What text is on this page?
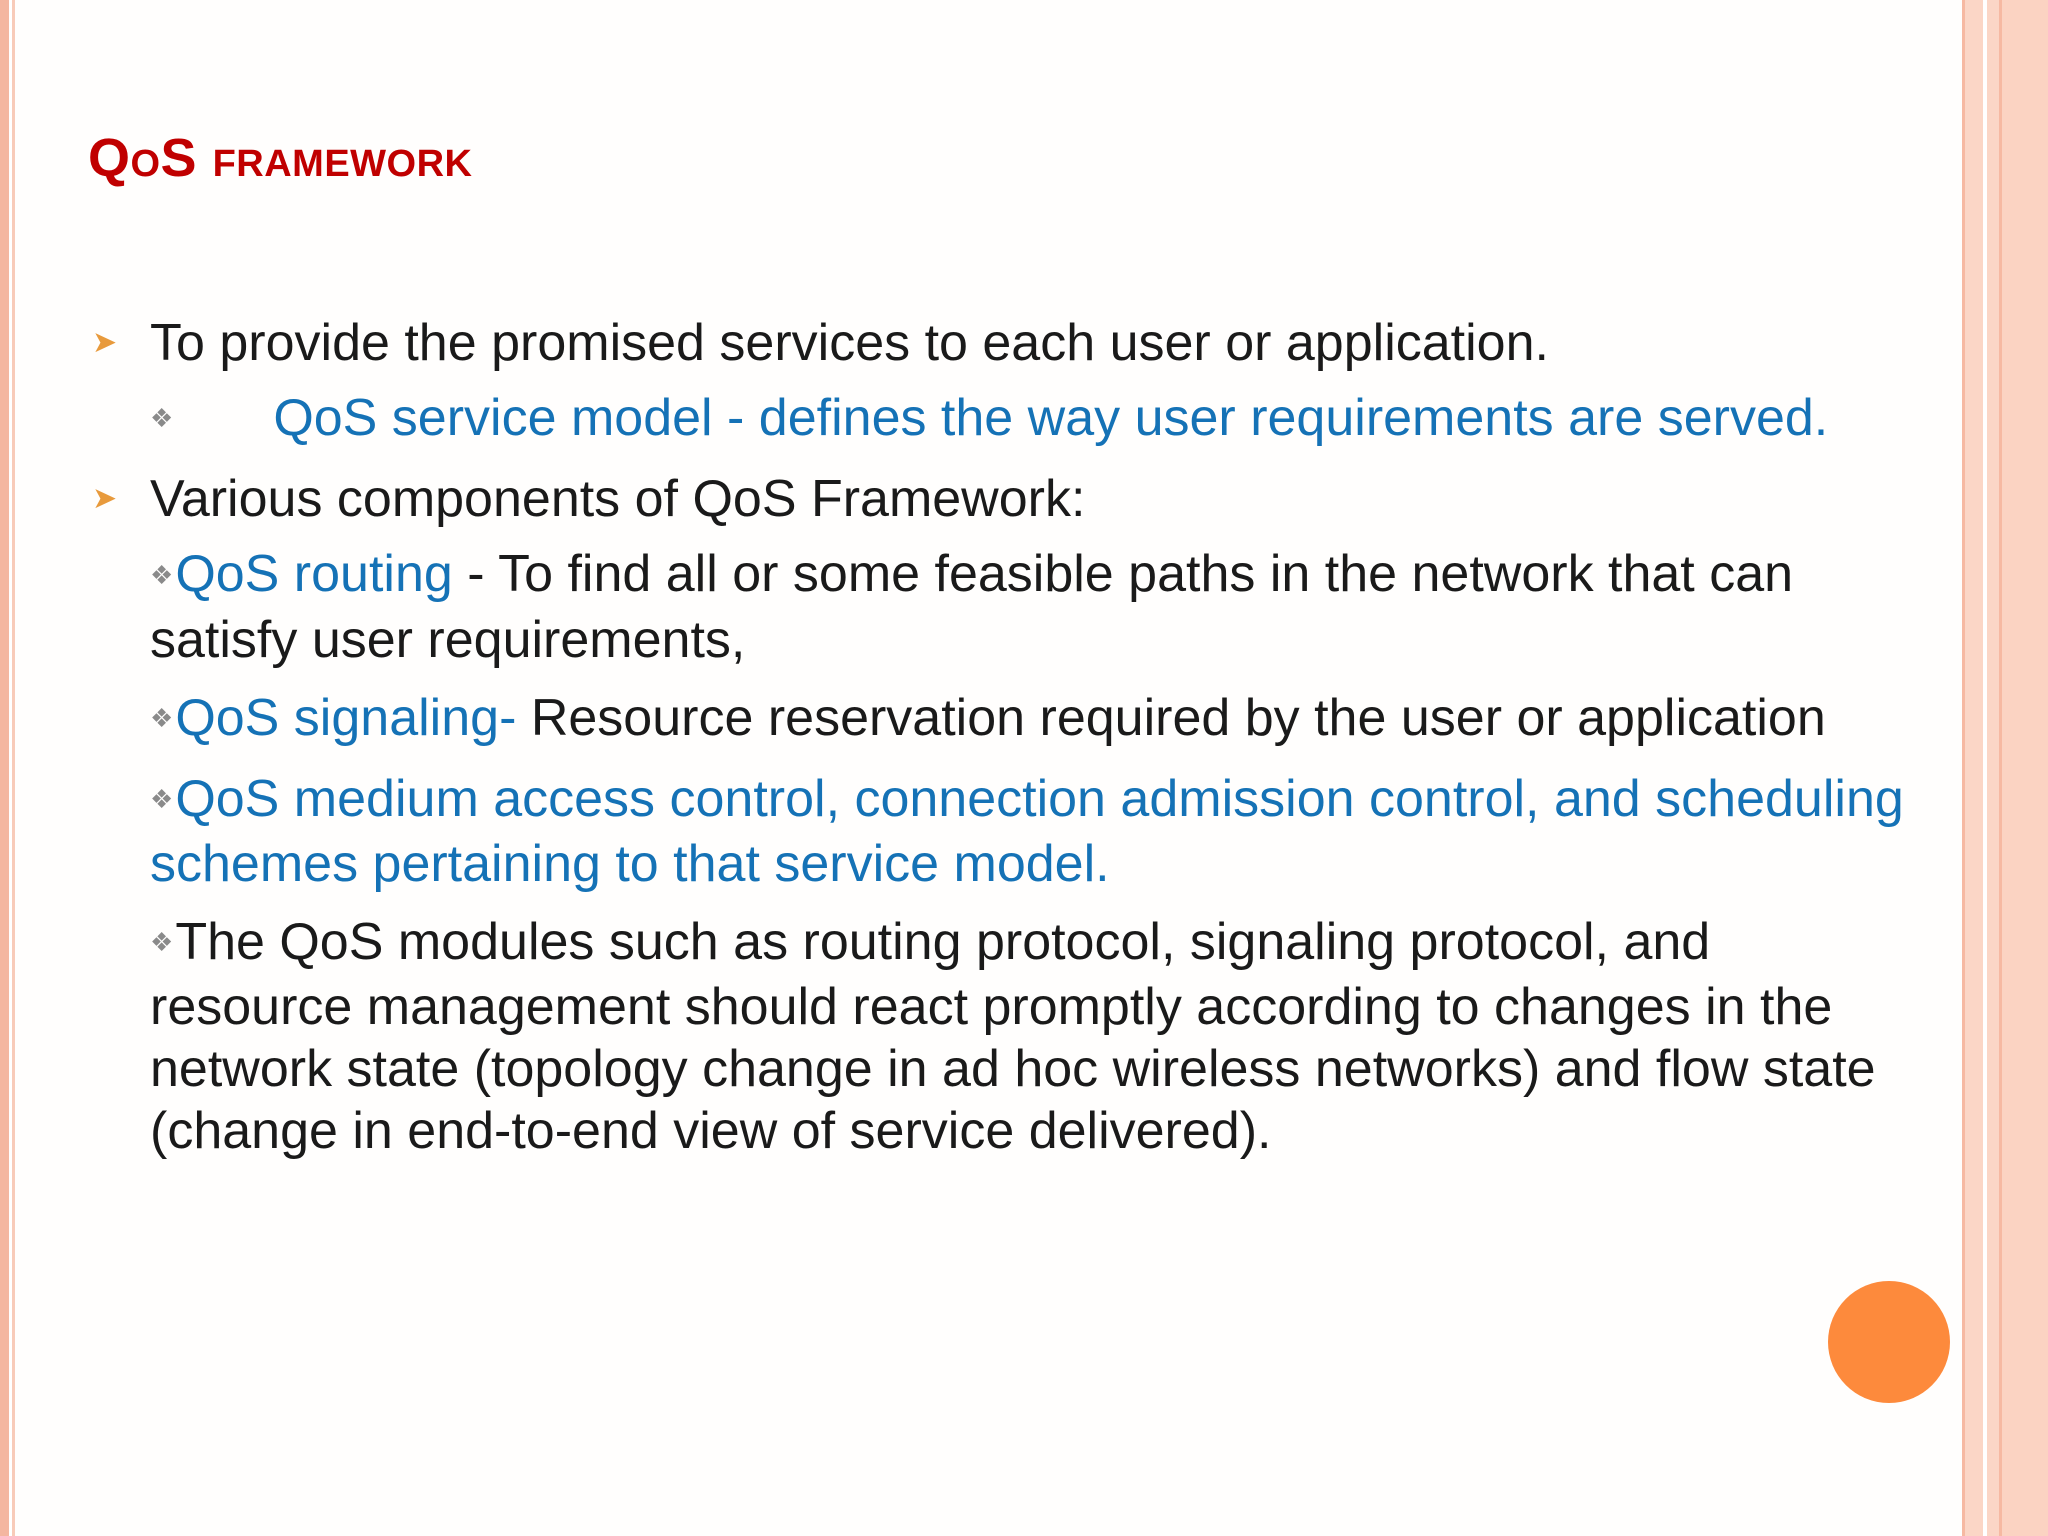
QoS framework

➤ To provide the promised services to each user or application.

❖ QoS service model - defines the way user requirements are served.

➤ Various components of QoS Framework:

❖QoS routing - To find all or some feasible paths in the network that can satisfy user requirements,

❖QoS signaling- Resource reservation required by the user or application

❖QoS medium access control, connection admission control, and scheduling schemes pertaining to that service model.

❖The QoS modules such as routing protocol, signaling protocol, and resource management should react promptly according to changes in the network state (topology change in ad hoc wireless networks) and flow state (change in end-to-end view of service delivered).
